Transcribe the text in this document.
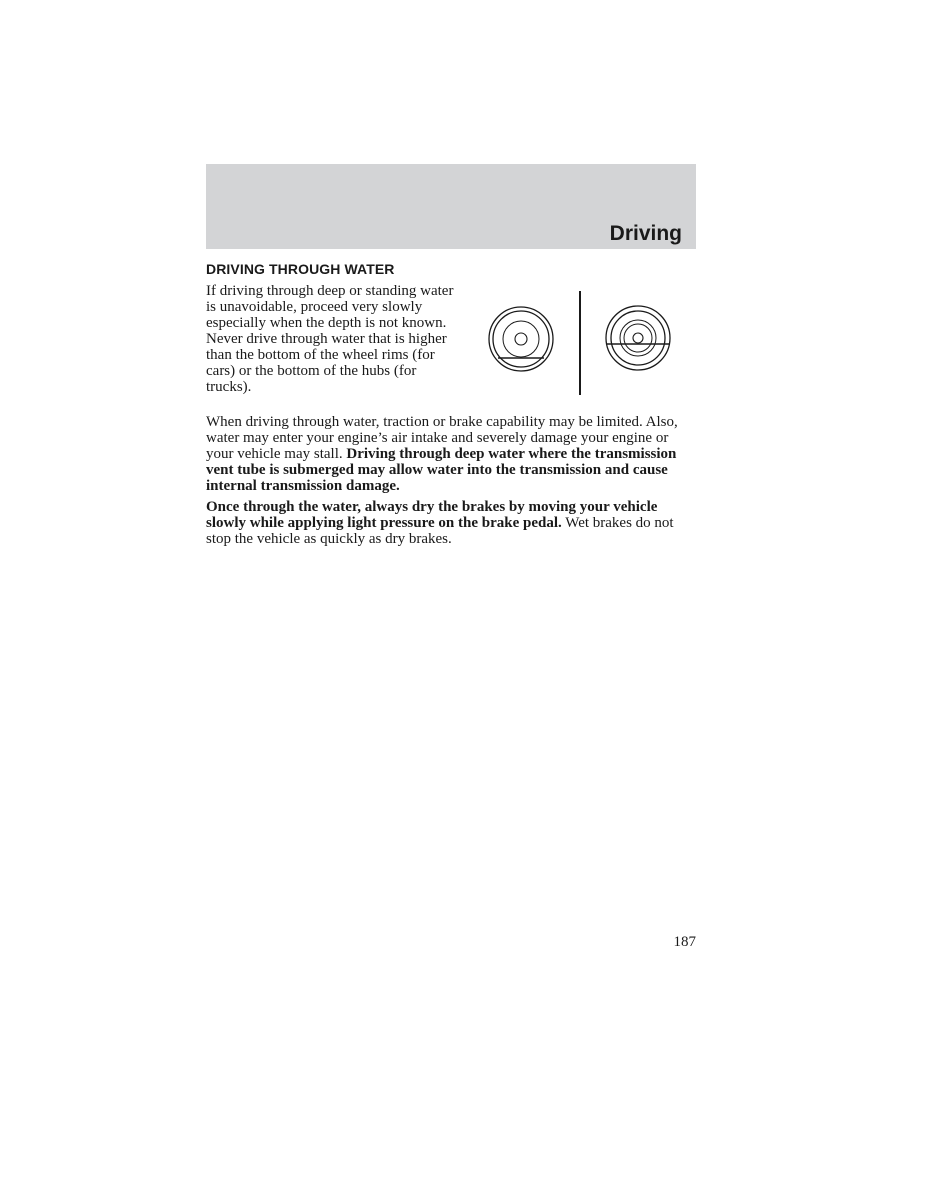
Driving
DRIVING THROUGH WATER

If driving through deep or standing water is unavoidable, proceed very slowly especially when the depth is not known. Never drive through water that is higher than the bottom of the wheel rims (for cars) or the bottom of the hubs (for trucks).

When driving through water, traction or brake capability may be limited. Also, water may enter your engine’s air intake and severely damage your engine or your vehicle may stall. Driving through deep water where the transmission vent tube is submerged may allow water into the transmission and cause internal transmission damage.

Once through the water, always dry the brakes by moving your vehicle slowly while applying light pressure on the brake pedal. Wet brakes do not stop the vehicle as quickly as dry brakes.

187
